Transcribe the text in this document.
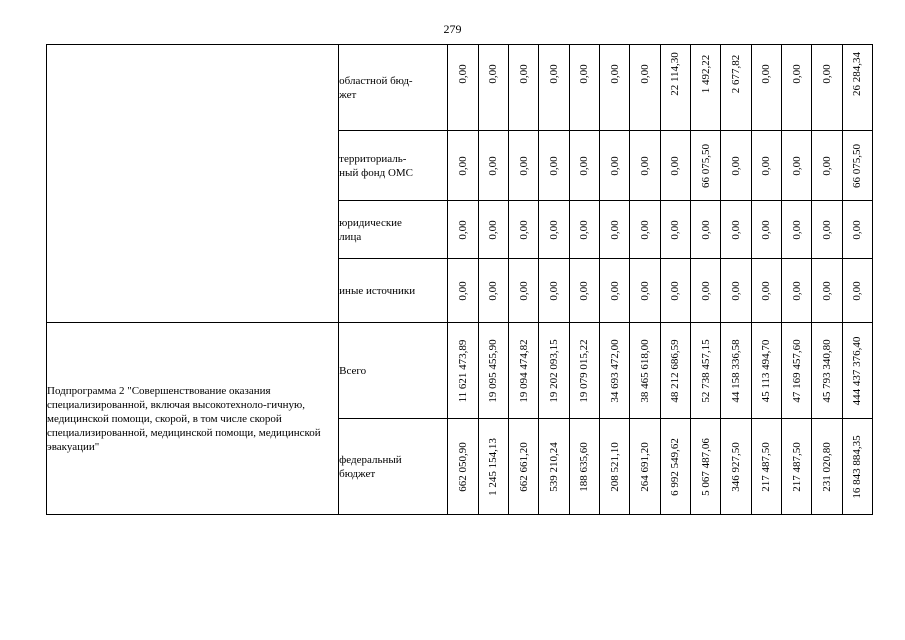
279
	областной бюд-
жет	0,00	0,00	0,00	0,00	0,00	0,00	0,00	22 114,30	1 492,22	2 677,82	0,00	0,00	0,00	26 284,34

	территориаль-
ный фонд ОМС	0,00	0,00	0,00	0,00	0,00	0,00	0,00	0,00	66 075,50	0,00	0,00	0,00	0,00	66 075,50

	юридические
лица	0,00	0,00	0,00	0,00	0,00	0,00	0,00	0,00	0,00	0,00	0,00	0,00	0,00	0,00

	иные источники	0,00	0,00	0,00	0,00	0,00	0,00	0,00	0,00	0,00	0,00	0,00	0,00	0,00	0,00

Подпрограмма 2 "Совершенствование оказания специализированной, включая высокотехноло-гичную, медицинской помощи, скорой, в том числе скорой специализированной, медицинской помощи, медицинской эвакуации"	Всего	11 621 473,89	19 095 455,90	19 094 474,82	19 202 093,15	19 079 015,22	34 693 472,00	38 465 618,00	48 212 686,59	52 738 457,15	44 158 336,58	45 113 494,70	47 169 457,60	45 793 340,80	444 437 376,40

	федеральный
бюджет	662 050,90	1 245 154,13	662 661,20	539 210,24	188 635,60	208 521,10	264 691,20	6 992 549,62	5 067 487,06	346 927,50	217 487,50	217 487,50	231 020,80	16 843 884,35
